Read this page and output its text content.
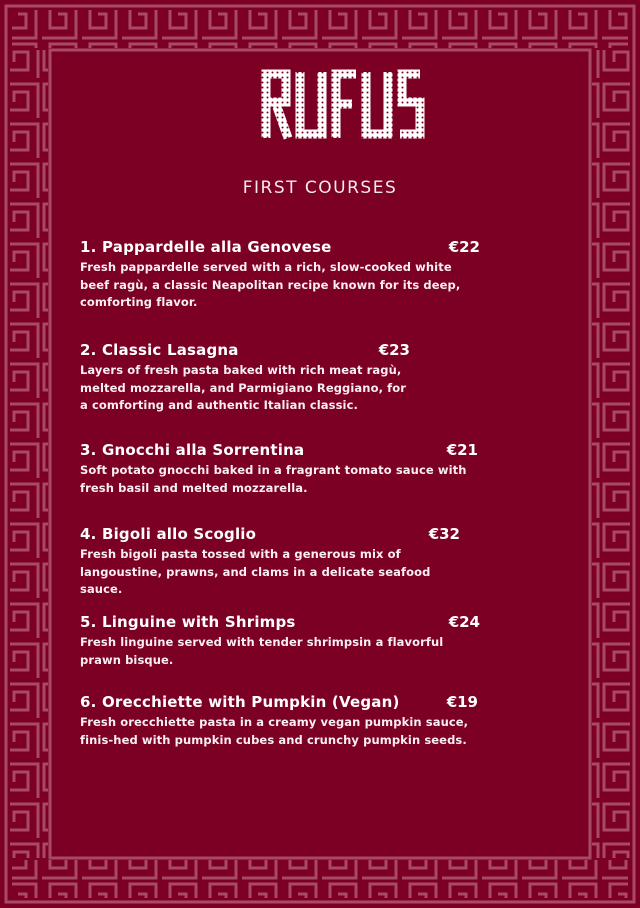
RUFUS
FIRST COURSES
1. Pappardelle alla Genovese	€22
Fresh pappardelle served with a rich, slow-cooked white beef ragù, a classic Neapolitan recipe known for its deep, comforting flavor.
2. Classic Lasagna	€23
Layers of fresh pasta baked with rich meat ragù, melted mozzarella, and Parmigiano Reggiano, for a comforting and authentic Italian classic.
3. Gnocchi alla Sorrentina	€21
Soft potato gnocchi baked in a fragrant tomato sauce with fresh basil and melted mozzarella.
4. Bigoli allo Scoglio	€32
Fresh bigoli pasta tossed with a generous mix of langoustine, prawns, and clams in a delicate seafood sauce.
5. Linguine with Shrimps	€24
Fresh linguine served with tender shrimpsin a flavorful prawn bisque.
6. Orecchiette with Pumpkin (Vegan)	€19
Fresh orecchiette pasta in a creamy vegan pumpkin sauce, finis-hed with pumpkin cubes and crunchy pumpkin seeds.
